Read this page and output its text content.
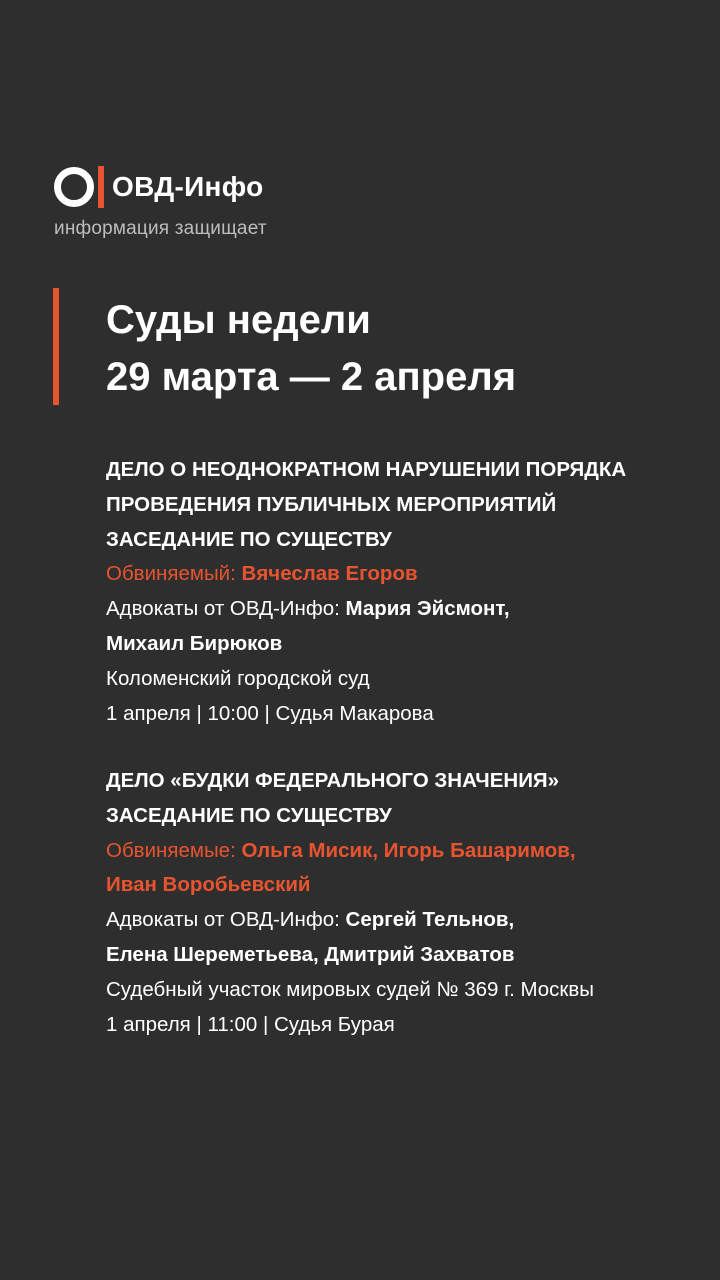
ОВД-Инфо
информация защищает
Суды недели
29 марта — 2 апреля

ДЕЛО О НЕОДНОКРАТНОМ НАРУШЕНИИ ПОРЯДКА

ПРОВЕДЕНИЯ ПУБЛИЧНЫХ МЕРОПРИЯТИЙ

ЗАСЕДАНИЕ ПО СУЩЕСТВУ

Обвиняемый: Вячеслав Егоров

Адвокаты от ОВД-Инфо: Мария Эйсмонт,

Михаил Бирюков

Коломенский городской суд

1 апреля | 10:00 | Судья Макарова

ДЕЛО «БУДКИ ФЕДЕРАЛЬНОГО ЗНАЧЕНИЯ»

ЗАСЕДАНИЕ ПО СУЩЕСТВУ

Обвиняемые: Ольга Мисик, Игорь Башаримов,

Иван Воробьевский

Адвокаты от ОВД-Инфо: Сергей Тельнов,

Елена Шереметьева, Дмитрий Захватов

Судебный участок мировых судей № 369 г. Москвы

1 апреля | 11:00 | Судья Бурая
